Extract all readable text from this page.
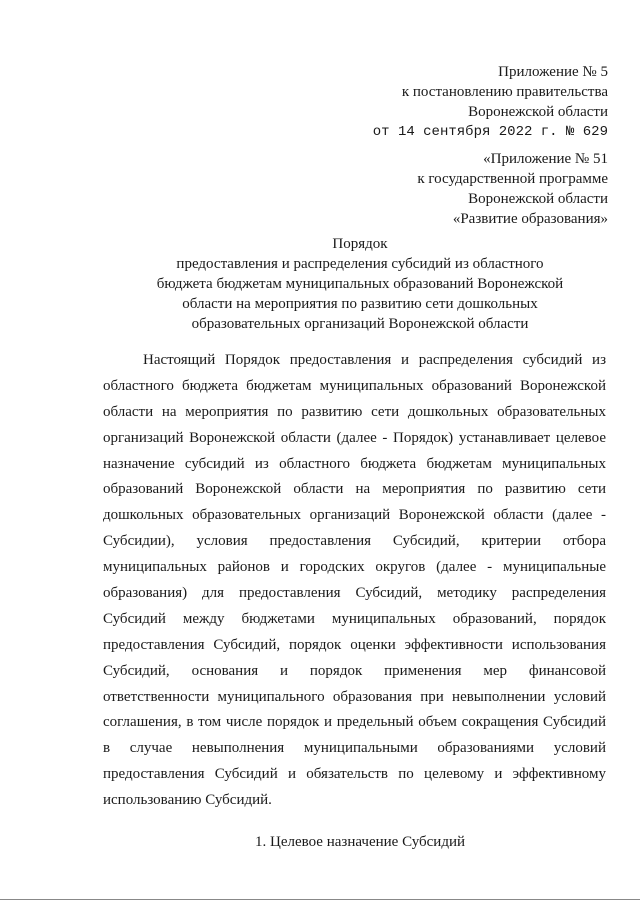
Приложение № 5
к постановлению правительства
Воронежской области
от 14 сентября 2022 г. № 629
«Приложение № 51
к государственной программе
Воронежской области
«Развитие образования»
Порядок
предоставления и распределения субсидий из областного
бюджета бюджетам муниципальных образований Воронежской
области на мероприятия по развитию сети дошкольных
образовательных организаций Воронежской области
Настоящий Порядок предоставления и распределения субсидий из
областного бюджета бюджетам муниципальных образований Воронежской
области на мероприятия по развитию сети дошкольных образовательных
организаций Воронежской области (далее - Порядок) устанавливает целевое
назначение субсидий из областного бюджета бюджетам муниципальных
образований Воронежской области на мероприятия по развитию сети
дошкольных образовательных организаций Воронежской области (далее -
Субсидии), условия предоставления Субсидий, критерии отбора
муниципальных районов и городских округов (далее - муниципальные
образования) для предоставления Субсидий, методику распределения
Субсидий между бюджетами муниципальных образований, порядок
предоставления Субсидий, порядок оценки эффективности использования
Субсидий, основания и порядок применения мер финансовой
ответственности муниципального образования при невыполнении условий
соглашения, в том числе порядок и предельный объем сокращения Субсидий
в случае невыполнения муниципальными образованиями условий
предоставления Субсидий и обязательств по целевому и эффективному
использованию Субсидий.
1. Целевое назначение Субсидий
